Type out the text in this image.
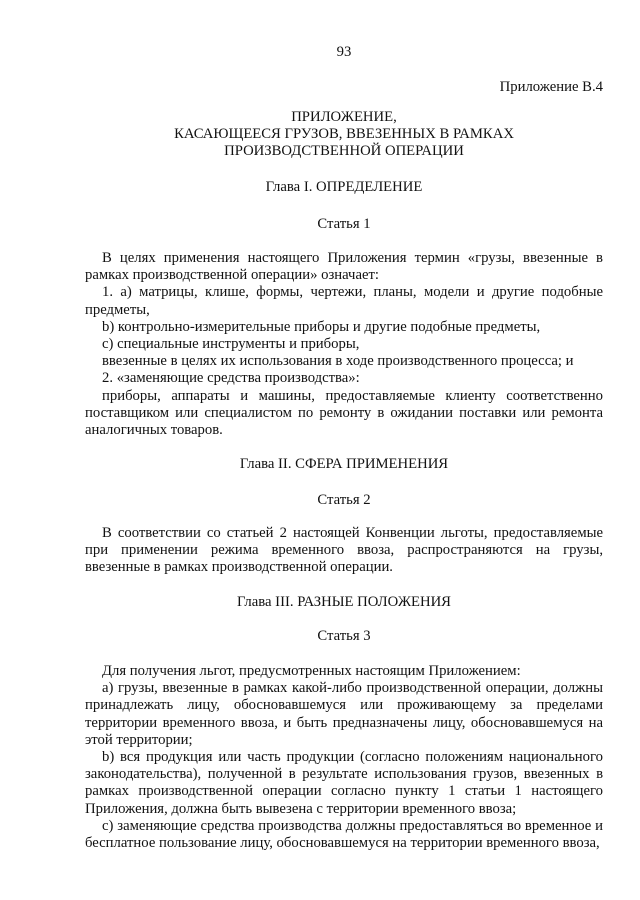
93
Приложение В.4
ПРИЛОЖЕНИЕ,
КАСАЮЩЕЕСЯ ГРУЗОВ, ВВЕЗЕННЫХ В РАМКАХ
ПРОИЗВОДСТВЕННОЙ ОПЕРАЦИИ
Глава I. ОПРЕДЕЛЕНИЕ
Статья 1

В целях применения настоящего Приложения термин «грузы, ввезенные в рамках производственной операции» означает:

1. а) матрицы, клише, формы, чертежи, планы, модели и другие подобные предметы,

b) контрольно-измерительные приборы и другие подобные предметы,

c) специальные инструменты и приборы,

ввезенные в целях их использования в ходе производственного процесса; и

2. «заменяющие средства производства»:

приборы, аппараты и машины, предоставляемые клиенту соответственно поставщиком или специалистом по ремонту в ожидании поставки или ремонта аналогичных товаров.

Глава II. СФЕРА ПРИМЕНЕНИЯ
Статья 2

В соответствии со статьей 2 настоящей Конвенции льготы, предоставляемые при применении режима временного ввоза, распространяются на грузы, ввезенные в рамках производственной операции.

Глава III. РАЗНЫЕ ПОЛОЖЕНИЯ
Статья 3

Для получения льгот, предусмотренных настоящим Приложением:

а) грузы, ввезенные в рамках какой-либо производственной операции, должны принадлежать лицу, обосновавшемуся или проживающему за пределами территории временного ввоза, и быть предназначены лицу, обосновавшемуся на этой территории;

b) вся продукция или часть продукции (согласно положениям национального законодательства), полученной в результате использования грузов, ввезенных в рамках производственной операции согласно пункту 1 статьи 1 настоящего Приложения, должна быть вывезена с территории временного ввоза;

c) заменяющие средства производства должны предоставляться во временное и бесплатное пользование лицу, обосновавшемуся на территории временного ввоза,
